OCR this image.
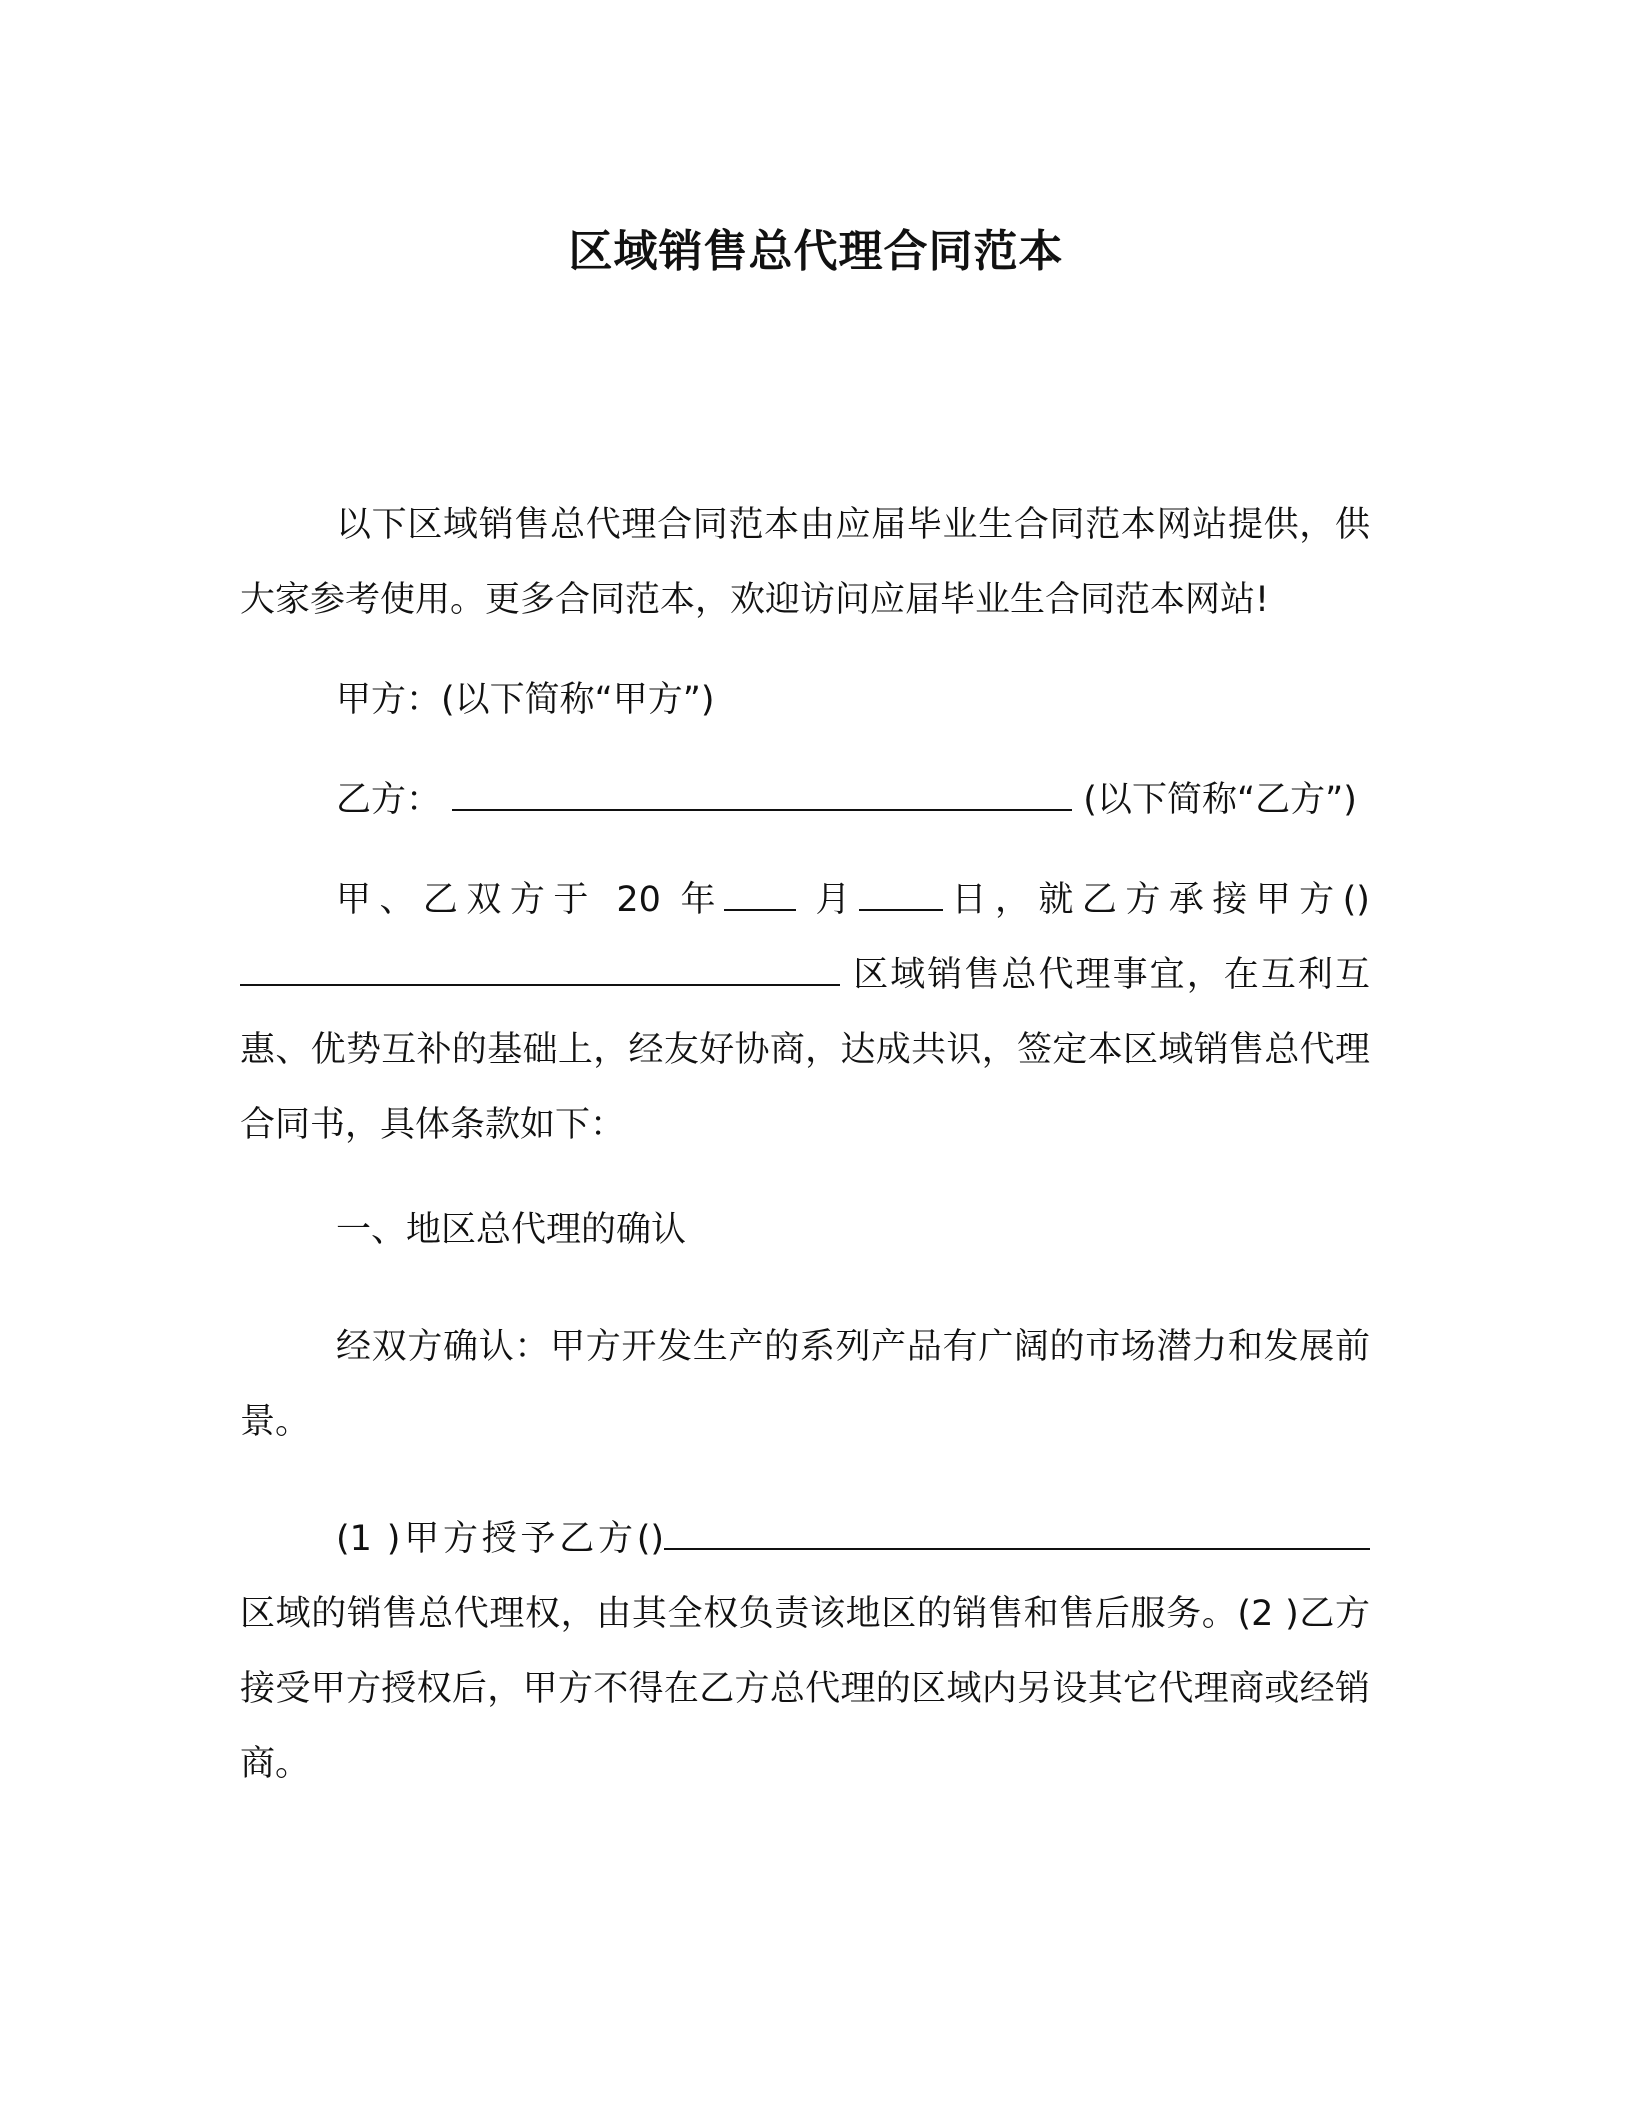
区域销售总代理合同范本

以下区域销售总代理合同范本由应届毕业生合同范本网站提供，供大家参考使用。更多合同范本，欢迎访问应届毕业生合同范本网站!

甲方：(以下简称“甲方”)

乙方：	(以下简称“乙方”)

甲、乙双方于 20 年	月 日，就乙方承接甲方() 区域销售总代理事宜，在互利互惠、优势互补的基础上，经友好协商，达成共识，签定本区域销售总代理合同书，具体条款如下：

一、地区总代理的确认

经双方确认：甲方开发生产的系列产品有广阔的市场潜力和发展前景。

(1 )甲方授予乙方()区域的销售总代理权，由其全权负责该地区的销售和售后服务。(2 )乙方接受甲方授权后，甲方不得在乙方总代理的区域内另设其它代理商或经销商。
